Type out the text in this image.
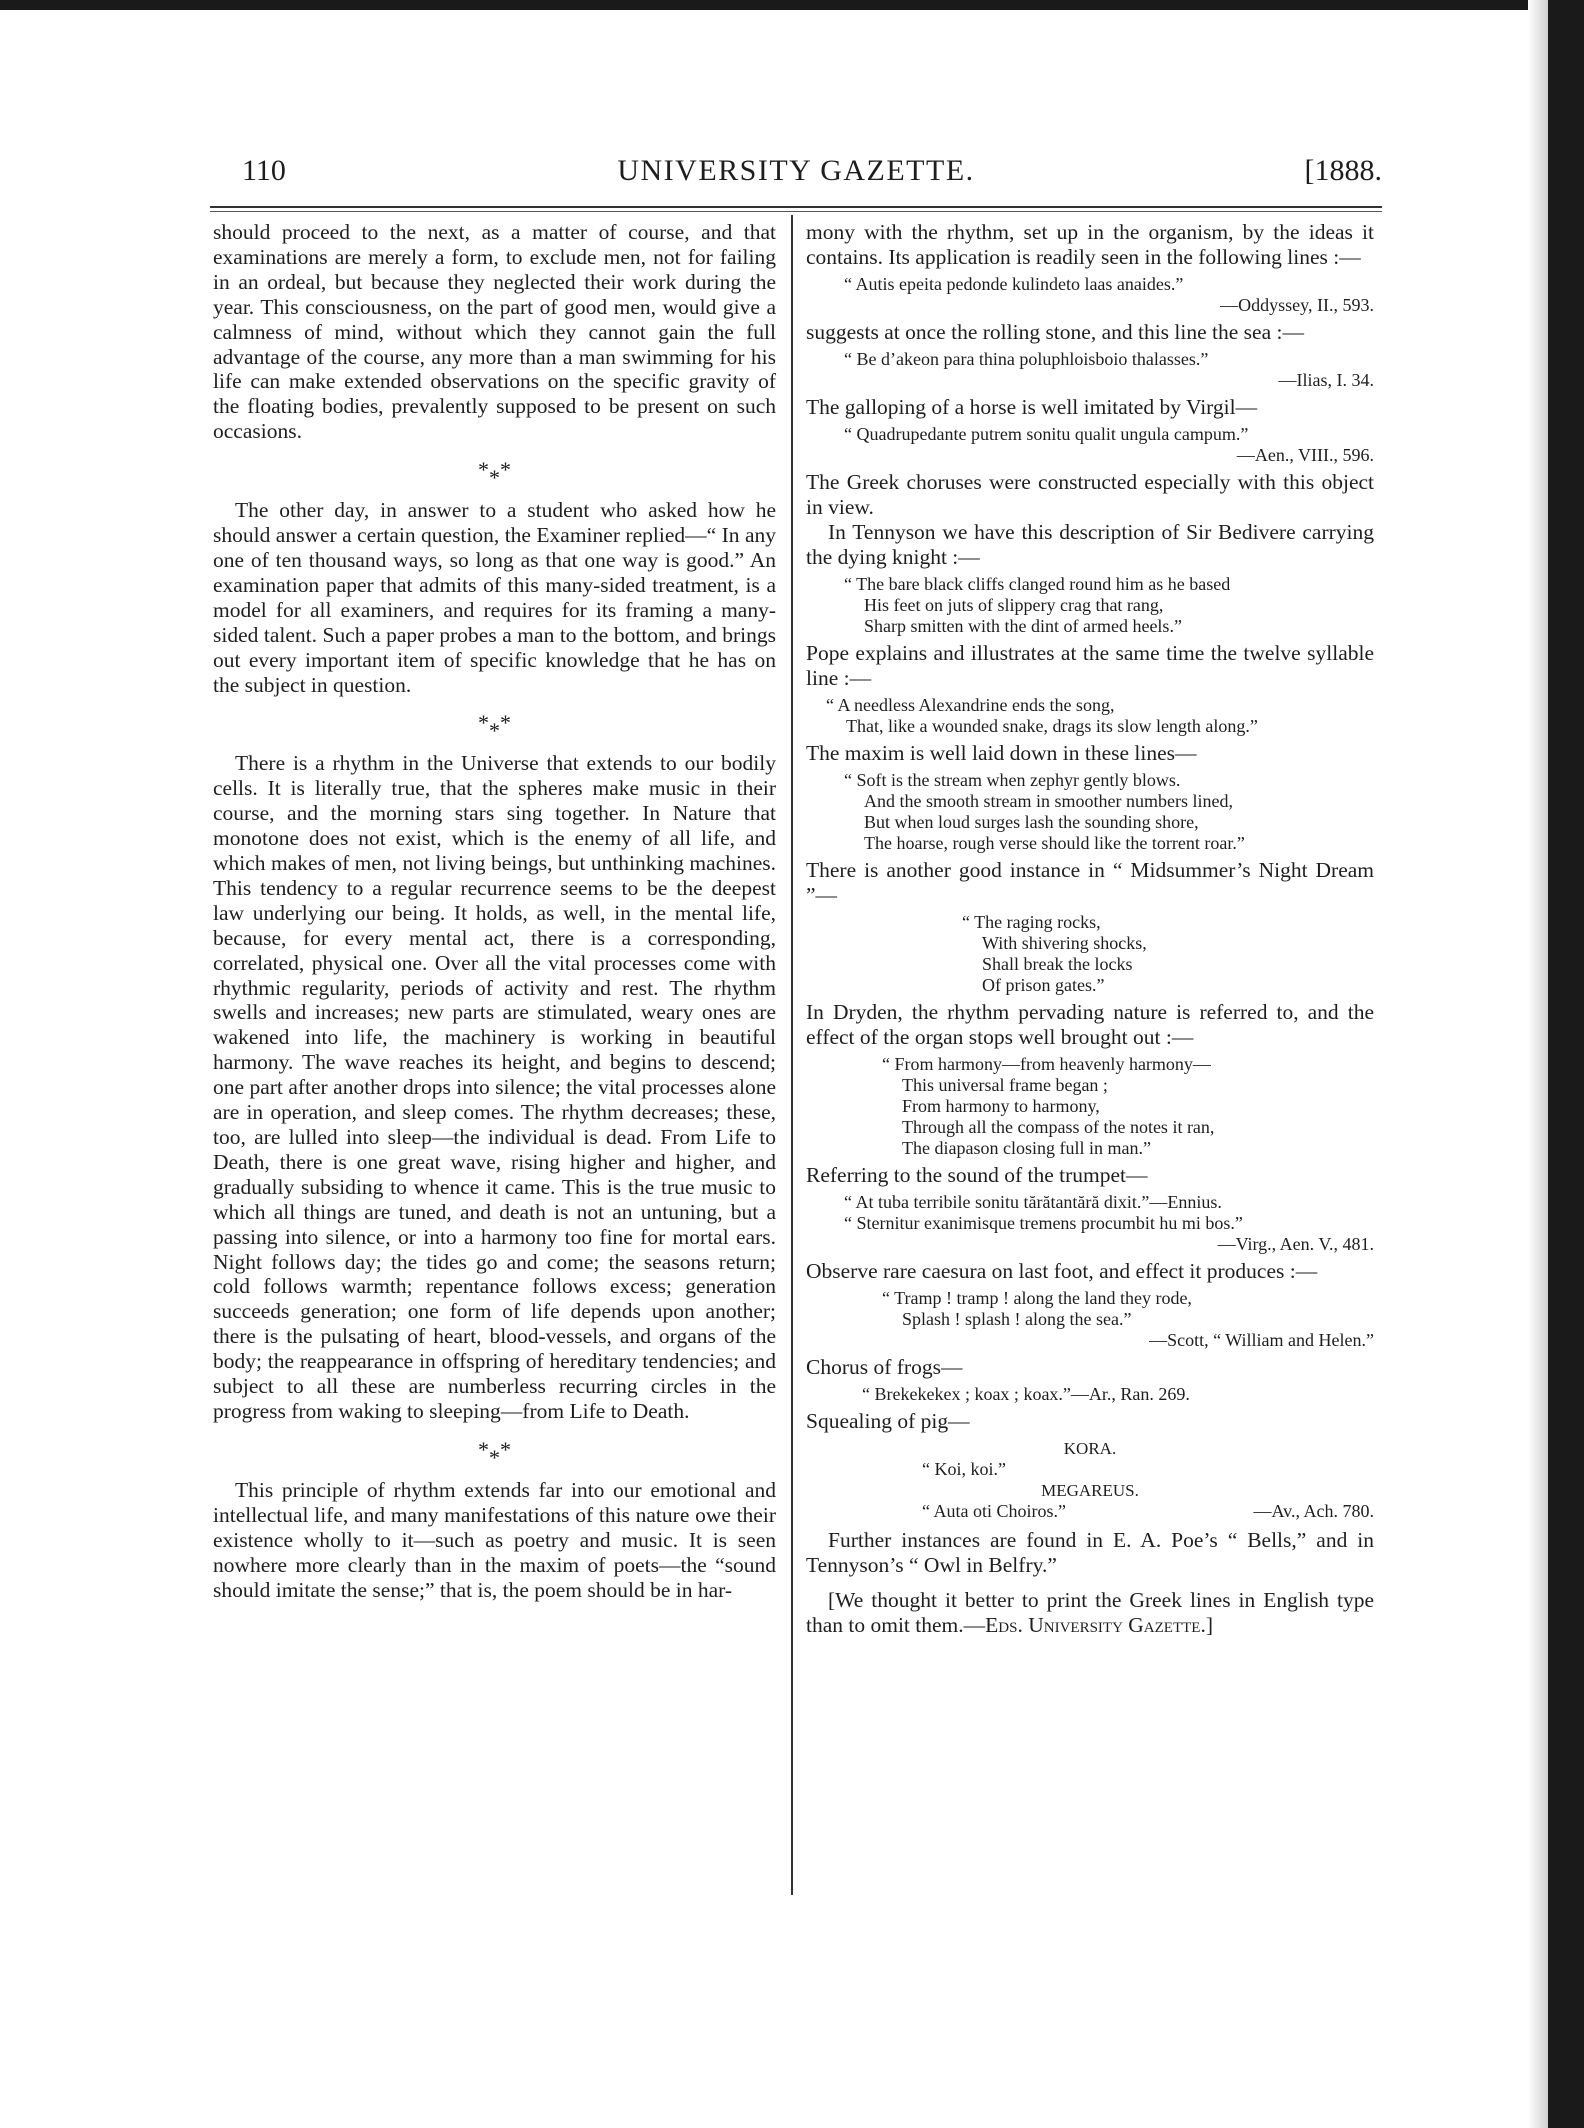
110	UNIVERSITY GAZETTE.	[1888.

should proceed to the next, as a matter of course, and that examinations are merely a form, to exclude men, not for failing in an ordeal, but because they neglected their work during the year. This consciousness, on the part of good men, would give a calmness of mind, without which they cannot gain the full advantage of the course, any more than a man swimming for his life can make extended observations on the specific gravity of the floating bodies, prevalently supposed to be present on such occasions.

***

The other day, in answer to a student who asked how he should answer a certain question, the Examiner replied—“ In any one of ten thousand ways, so long as that one way is good.” An examination paper that admits of this many-sided treatment, is a model for all examiners, and requires for its framing a many-sided talent. Such a paper probes a man to the bottom, and brings out every important item of specific knowledge that he has on the subject in question.

***

There is a rhythm in the Universe that extends to our bodily cells. It is literally true, that the spheres make music in their course, and the morning stars sing together. In Nature that monotone does not exist, which is the enemy of all life, and which makes of men, not living beings, but unthinking machines. This tendency to a regular recurrence seems to be the deepest law underlying our being. It holds, as well, in the mental life, because, for every mental act, there is a corresponding, correlated, physical one. Over all the vital processes come with rhythmic regularity, periods of activity and rest. The rhythm swells and increases; new parts are stimulated, weary ones are wakened into life, the machinery is working in beautiful harmony. The wave reaches its height, and begins to descend; one part after another drops into silence; the vital processes alone are in operation, and sleep comes. The rhythm decreases; these, too, are lulled into sleep—the individual is dead. From Life to Death, there is one great wave, rising higher and higher, and gradually subsiding to whence it came. This is the true music to which all things are tuned, and death is not an untuning, but a passing into silence, or into a harmony too fine for mortal ears. Night follows day; the tides go and come; the seasons return; cold follows warmth; repentance follows excess; generation succeeds generation; one form of life depends upon another; there is the pulsating of heart, blood-vessels, and organs of the body; the reappearance in offspring of hereditary tendencies; and subject to all these are numberless recurring circles in the progress from waking to sleeping—from Life to Death.

***

This principle of rhythm extends far into our emotional and intellectual life, and many manifestations of this nature owe their existence wholly to it—such as poetry and music. It is seen nowhere more clearly than in the maxim of poets—the “sound should imitate the sense;” that is, the poem should be in har-

mony with the rhythm, set up in the organism, by the ideas it contains. Its application is readily seen in the following lines :—

“ Autis epeita pedonde kulindeto laas anaides.”
—Oddyssey, II., 593.

suggests at once the rolling stone, and this line the sea :—

“ Be d’akeon para thina poluphloisboio thalasses.”
—Ilias, I. 34.

The galloping of a horse is well imitated by Virgil—

“ Quadrupedante putrem sonitu qualit ungula campum.”
—Aen., VIII., 596.

The Greek choruses were constructed especially with this object in view.

In Tennyson we have this description of Sir Bedivere carrying the dying knight :—

“ The bare black cliffs clanged round him as he based
His feet on juts of slippery crag that rang,
Sharp smitten with the dint of armed heels.”

Pope explains and illustrates at the same time the twelve syllable line :—

“ A needless Alexandrine ends the song,
That, like a wounded snake, drags its slow length along.”

The maxim is well laid down in these lines—

“ Soft is the stream when zephyr gently blows.
And the smooth stream in smoother numbers lined,
But when loud surges lash the sounding shore,
The hoarse, rough verse should like the torrent roar.”

There is another good instance in “ Midsummer’s Night Dream ”—

“ The raging rocks,
With shivering shocks,
Shall break the locks
Of prison gates.”

In Dryden, the rhythm pervading nature is referred to, and the effect of the organ stops well brought out :—

“ From harmony—from heavenly harmony—
This universal frame began ;
From harmony to harmony,
Through all the compass of the notes it ran,
The diapason closing full in man.”

Referring to the sound of the trumpet—

“ At tuba terribile sonitu tărătantără dixit.”—Ennius.
“ Sternitur exanimisque tremens procumbit hu mi bos.”
—Virg., Aen. V., 481.

Observe rare caesura on last foot, and effect it produces :—

“ Tramp ! tramp ! along the land they rode,
Splash ! splash ! along the sea.”
—Scott, “ William and Helen.”

Chorus of frogs—

“ Brekekekex ; koax ; koax.”—Ar., Ran. 269.

Squealing of pig—

KORA.
“ Koi, koi.”
MEGAREUS.
“ Auta oti Choiros.”	—Av., Ach. 780.

Further instances are found in E. A. Poe’s “ Bells,” and in Tennyson’s “ Owl in Belfry.”

[We thought it better to print the Greek lines in English type than to omit them.—Eds. University Gazette.]
